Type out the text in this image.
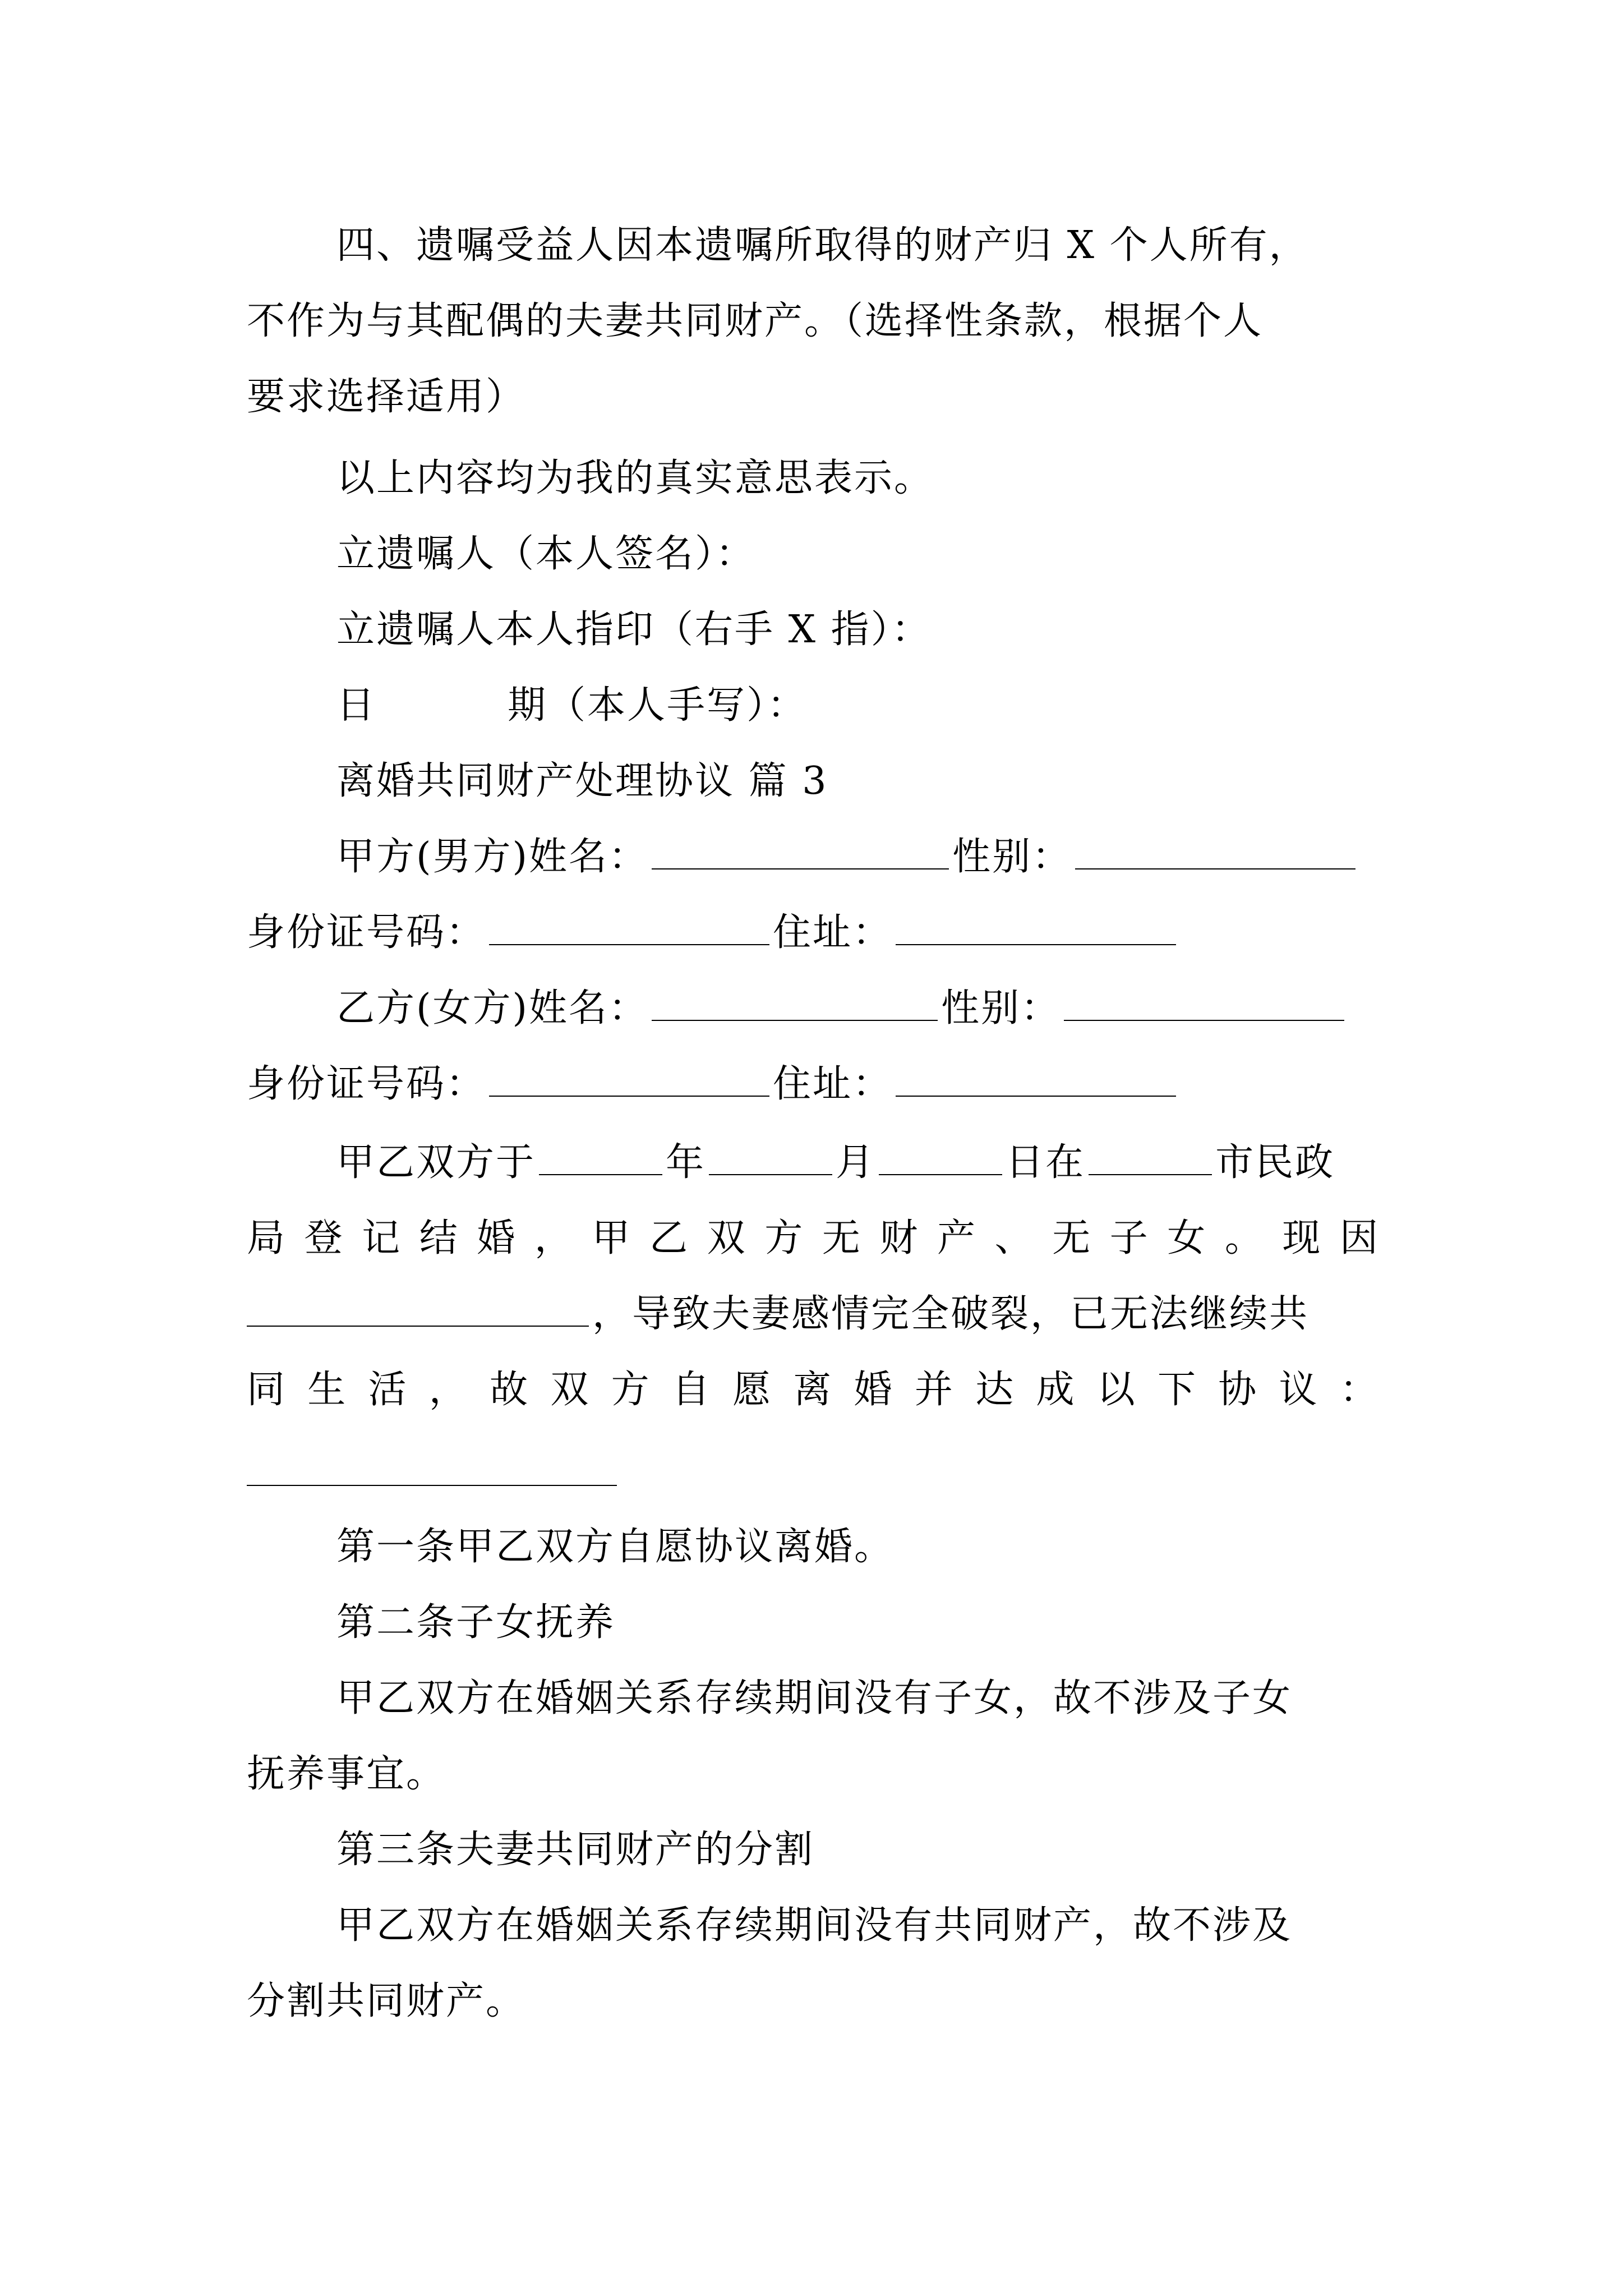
四、遗嘱受益人因本遗嘱所取得的财产归 X 个人所有，
不作为与其配偶的夫妻共同财产。（选择性条款，根据个人
要求选择适用）
以上内容均为我的真实意思表示。
立遗嘱人（本人签名）：
立遗嘱人本人指印（右手 X 指）：
日	期（本人手写）：
离婚共同财产处理协议 篇 3
甲方(男方)姓名：	性别：
身份证号码：	住址：
乙方(女方)姓名：	性别：
身份证号码：	住址：
甲乙双方于	年	月	日在	市民政
局 登 记 结 婚 ， 甲 乙 双 方 无 财 产 、 无 子 女 。 现 因
，导致夫妻感情完全破裂，已无法继续共
同 生 活 ， 故 双 方 自 愿 离 婚 并 达 成 以 下 协 议 ：
第一条甲乙双方自愿协议离婚。
第二条子女抚养
甲乙双方在婚姻关系存续期间没有子女，故不涉及子女
抚养事宜。
第三条夫妻共同财产的分割
甲乙双方在婚姻关系存续期间没有共同财产，故不涉及
分割共同财产。
